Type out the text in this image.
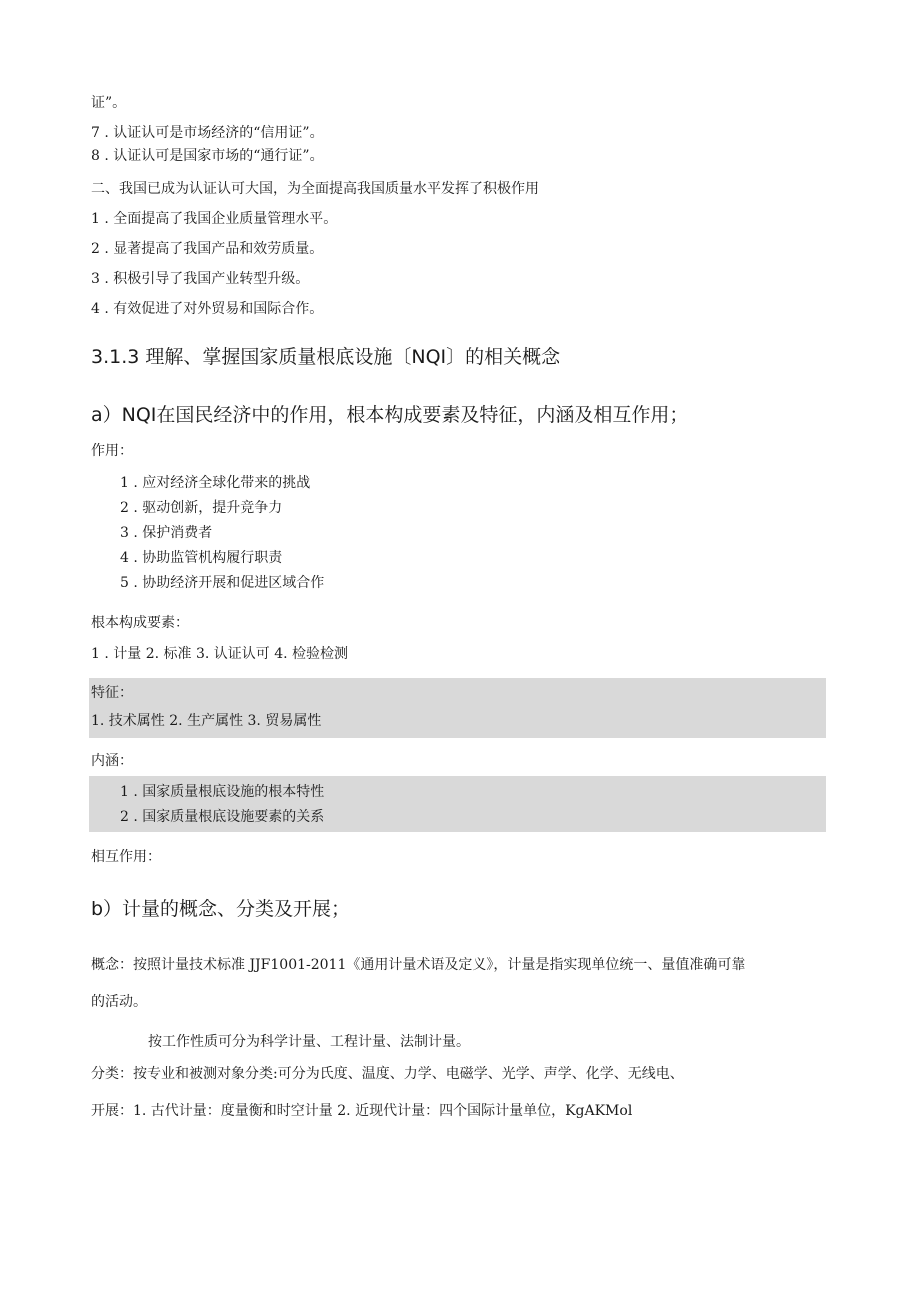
证”。
7 . 认证认可是市场经济的“信用证”。
8 . 认证认可是国家市场的“通行证”。
二、我国已成为认证认可大国，为全面提高我国质量水平发挥了积极作用
1 . 全面提高了我国企业质量管理水平。
2 . 显著提高了我国产品和效劳质量。
3 . 积极引导了我国产业转型升级。
4 . 有效促进了对外贸易和国际合作。
3.1.3 理解、掌握国家质量根底设施〔NQI〕的相关概念
a）NQI在国民经济中的作用，根本构成要素及特征，内涵及相互作用；
作用：
1 . 应对经济全球化带来的挑战
2 . 驱动创新，提升竞争力
3 . 保护消费者
4 . 协助监管机构履行职责
5 . 协助经济开展和促进区域合作
根本构成要素：
1 . 计量 2. 标准 3. 认证认可 4. 检验检测
特征：
1. 技术属性 2. 生产属性 3. 贸易属性
内涵：
1 . 国家质量根底设施的根本特性
2 . 国家质量根底设施要素的关系
相互作用：
b）计量的概念、分类及开展；
概念：按照计量技术标准 JJF1001-2011《通用计量术语及定义》，计量是指实现单位统一、量值准确可靠
的活动。
按工作性质可分为科学计量、工程计量、法制计量。
分类：按专业和被测对象分类:可分为氏度、温度、力学、电磁学、光学、声学、化学、无线电、
开展：1. 古代计量：度量衡和时空计量 2. 近现代计量：四个国际计量单位，KgAKMol
